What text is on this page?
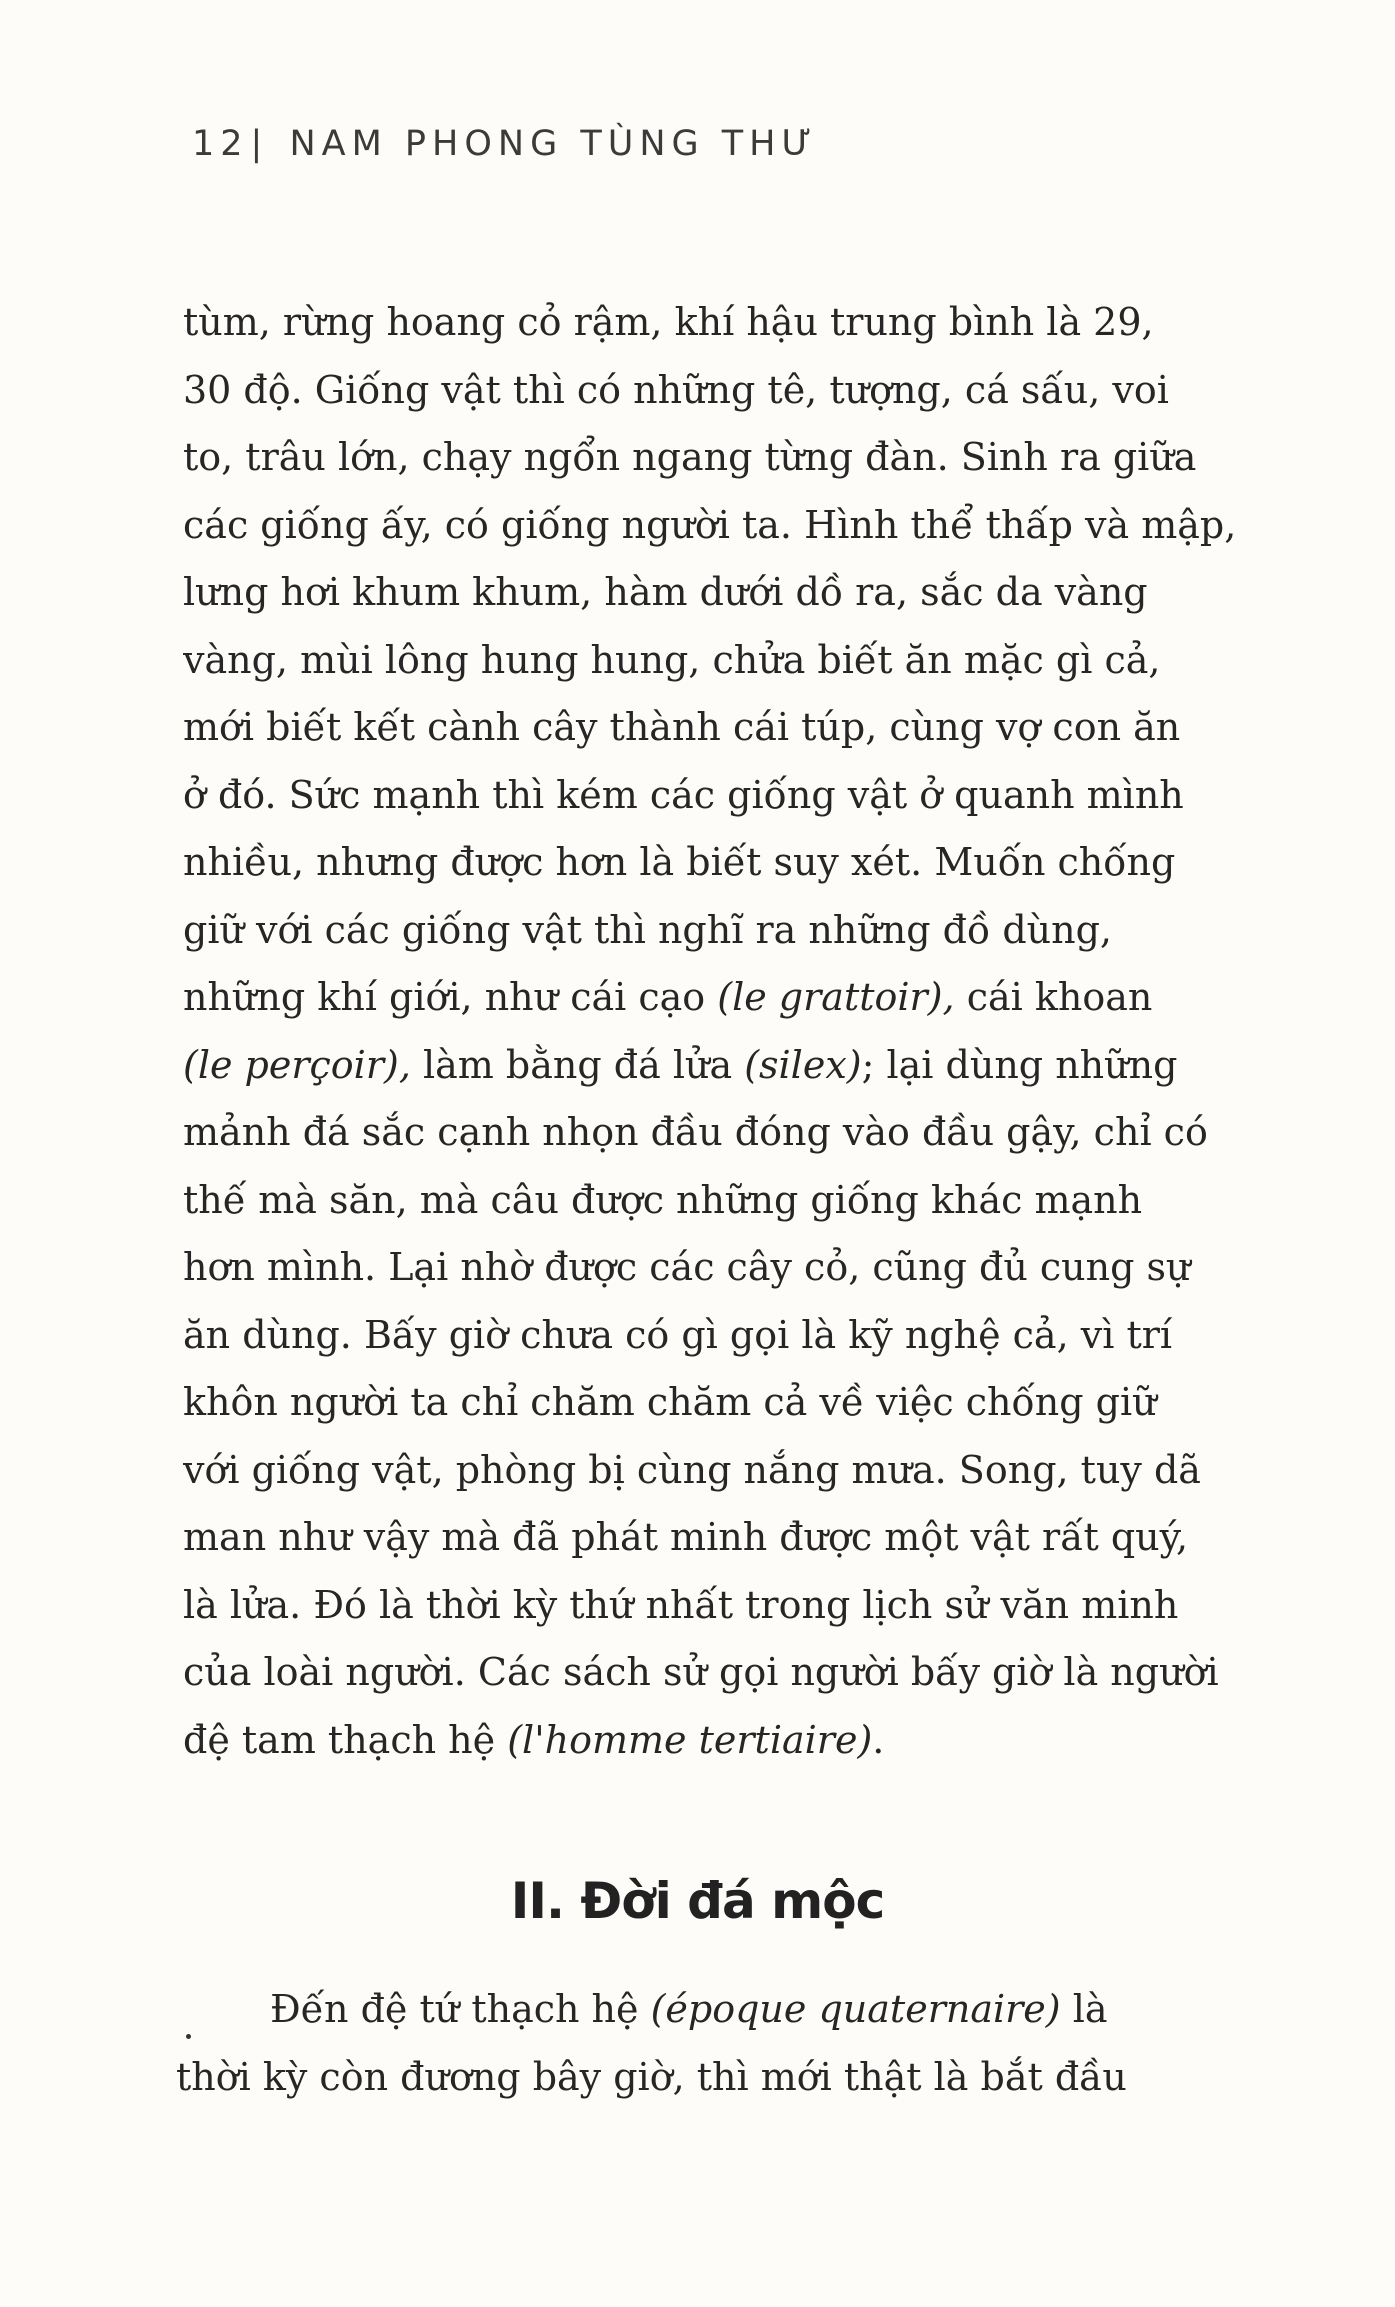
12| NAM PHONG TÙNG THƯ
tùm, rừng hoang cỏ rậm, khí hậu trung bình là 29,
30 độ. Giống vật thì có những tê, tượng, cá sấu, voi
to, trâu lớn, chạy ngổn ngang từng đàn. Sinh ra giữa
các giống ấy, có giống người ta. Hình thể thấp và mập,
lưng hơi khum khum, hàm dưới dồ ra, sắc da vàng
vàng, mùi lông hung hung, chửa biết ăn mặc gì cả,
mới biết kết cành cây thành cái túp, cùng vợ con ăn
ở đó. Sức mạnh thì kém các giống vật ở quanh mình
nhiều, nhưng được hơn là biết suy xét. Muốn chống
giữ với các giống vật thì nghĩ ra những đồ dùng,
những khí giới, như cái cạo (le grattoir), cái khoan
(le perçoir), làm bằng đá lửa (silex); lại dùng những
mảnh đá sắc cạnh nhọn đầu đóng vào đầu gậy, chỉ có
thế mà săn, mà câu được những giống khác mạnh
hơn mình. Lại nhờ được các cây cỏ, cũng đủ cung sự
ăn dùng. Bấy giờ chưa có gì gọi là kỹ nghệ cả, vì trí
khôn người ta chỉ chăm chăm cả về việc chống giữ
với giống vật, phòng bị cùng nắng mưa. Song, tuy dã
man như vậy mà đã phát minh được một vật rất quý,
là lửa. Đó là thời kỳ thứ nhất trong lịch sử văn minh
của loài người. Các sách sử gọi người bấy giờ là người
đệ tam thạch hệ (l'homme tertiaire).
II. Đời đá mộc
Đến đệ tứ thạch hệ (époque quaternaire) là
thời kỳ còn đương bây giờ, thì mới thật là bắt đầu
